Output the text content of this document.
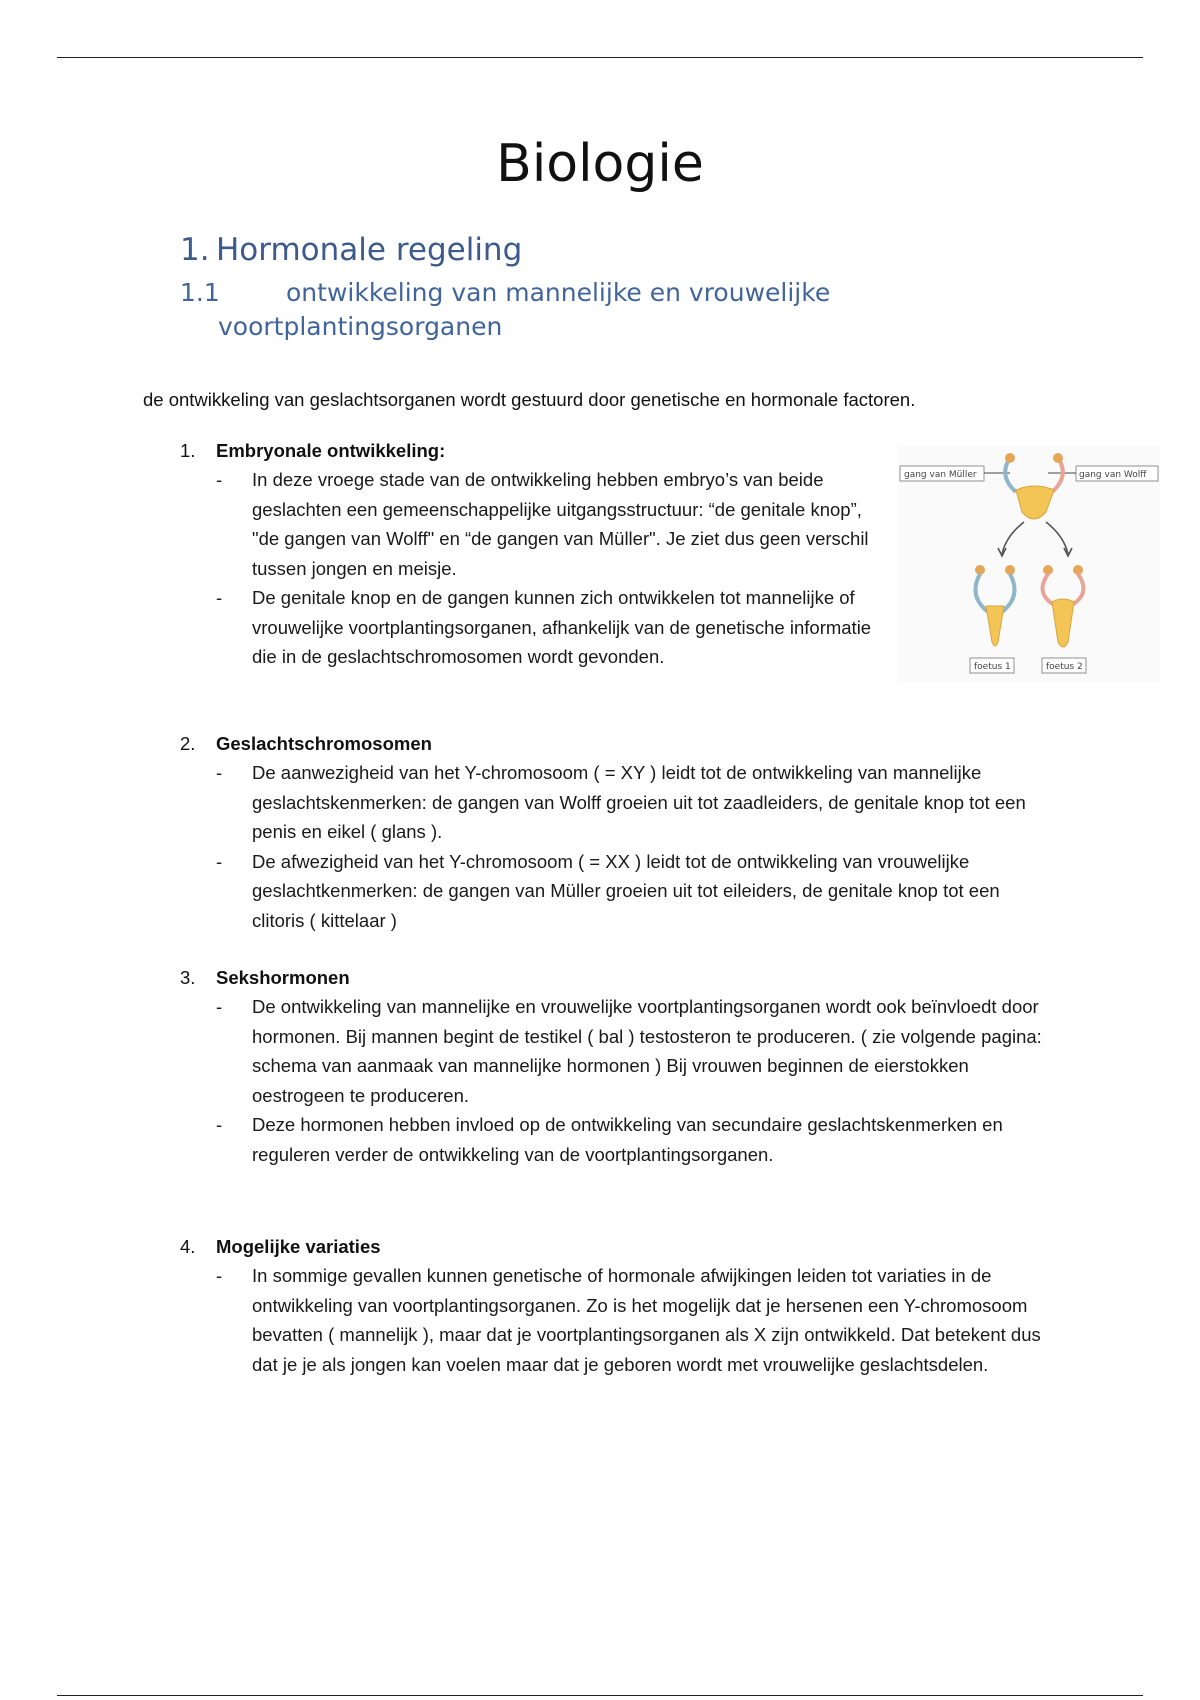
Biologie
1. Hormonale regeling
1.1	ontwikkeling van mannelijke en vrouwelijke
voortplantingsorganen
de ontwikkeling van geslachtsorganen wordt gestuurd door genetische en hormonale factoren.
1. Embryonale ontwikkeling:
- In deze vroege stade van de ontwikkeling hebben embryo’s van beide geslachten een gemeenschappelijke uitgangsstructuur: “de genitale knop”, "de gangen van Wolff" en “de gangen van Müller". Je ziet dus geen verschil tussen jongen en meisje.
- De genitale knop en de gangen kunnen zich ontwikkelen tot mannelijke of vrouwelijke voortplantingsorganen, afhankelijk van de genetische informatie die in de geslachtschromosomen wordt gevonden.
gang van Müller	gang van Wolff
foetus 1	foetus 2
2. Geslachtschromosomen
- De aanwezigheid van het Y-chromosoom ( = XY ) leidt tot de ontwikkeling van mannelijke geslachtskenmerken: de gangen van Wolff groeien uit tot zaadleiders, de genitale knop tot een penis en eikel ( glans ).
- De afwezigheid van het Y-chromosoom ( = XX ) leidt tot de ontwikkeling van vrouwelijke geslachtkenmerken: de gangen van Müller groeien uit tot eileiders, de genitale knop tot een clitoris ( kittelaar )
3. Sekshormonen
- De ontwikkeling van mannelijke en vrouwelijke voortplantingsorganen wordt ook beïnvloedt door hormonen. Bij mannen begint de testikel ( bal ) testosteron te produceren. ( zie volgende pagina: schema van aanmaak van mannelijke hormonen ) Bij vrouwen beginnen de eierstokken oestrogeen te produceren.
- Deze hormonen hebben invloed op de ontwikkeling van secundaire geslachtskenmerken en reguleren verder de ontwikkeling van de voortplantingsorganen.
4. Mogelijke variaties
- In sommige gevallen kunnen genetische of hormonale afwijkingen leiden tot variaties in de ontwikkeling van voortplantingsorganen. Zo is het mogelijk dat je hersenen een Y-chromosoom bevatten ( mannelijk ), maar dat je voortplantingsorganen als X zijn ontwikkeld. Dat betekent dus dat je je als jongen kan voelen maar dat je geboren wordt met vrouwelijke geslachtsdelen.
